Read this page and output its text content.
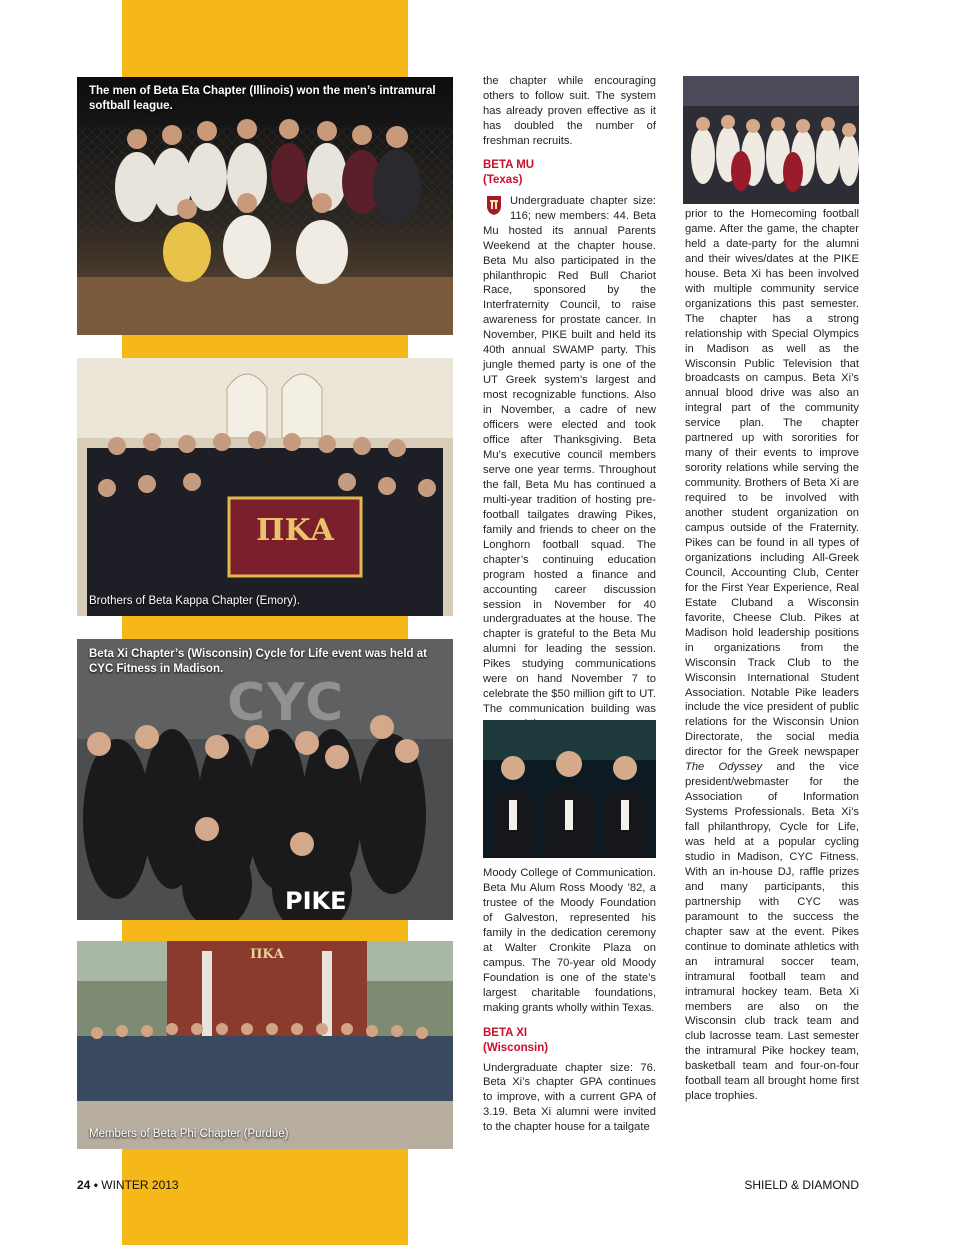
The men of Beta Eta Chapter (Illinois) won the men’s intramural softball league.
ΠΚΑ
Brothers of Beta Kappa Chapter (Emory).
CYC
PIKE
Beta Xi Chapter’s (Wisconsin) Cycle for Life event was held at CYC Fitness in Madison.
ΠΚΑ
Members of Beta Phi Chapter (Purdue)

the chapter while encouraging others to follow suit. The system has already proven effective as it has doubled the number of freshman recruits.

BETA MU

(Texas)

Undergraduate chapter size: 116; new members: 44. Beta Mu hosted its annual Parents Weekend at the chapter house. Beta Mu also participated in the philanthropic Red Bull Chariot Race, sponsored by the Interfraternity Council, to raise awareness for prostate cancer. In November, PIKE built and held its 40th annual SWAMP party. This jungle themed party is one of the UT Greek system’s largest and most recognizable functions. Also in November, a cadre of new officers were elected and took office after Thanksgiving. Beta Mu’s executive council members serve one year terms. Throughout the fall, Beta Mu has continued a multi-year tradition of hosting pre-football tailgates drawing Pikes, family and friends to cheer on the Longhorn football squad. The chapter’s continuing education program hosted a finance and accounting career discussion session in November for 40 undergraduates at the house. The chapter is grateful to the Beta Mu alumni for leading the session. Pikes studying communications were on hand November 7 to celebrate the $50 million gift to UT. The communication building was

Moody College of Communication. Beta Mu Alum Ross Moody ’82, a trustee of the Moody Foundation of Galveston, represented his family in the dedication ceremony at Walter Cronkite Plaza on campus. The 70-year old Moody Foundation is one of the state’s largest charitable foundations, making grants wholly within Texas.

BETA XI

(Wisconsin)

Undergraduate chapter size: 76. Beta Xi’s chapter GPA continues to improve, with a current GPA of 3.19. Beta Xi alumni were invited to the chapter house for a tailgate

prior to the Homecoming football game. After the game, the chapter held a date-party for the alumni and their wives/dates at the PIKE house. Beta Xi has been involved with multiple community service organizations this past semester. The chapter has a strong relationship with Special Olympics in Madison as well as the Wisconsin Public Television that broadcasts on campus. Beta Xi’s annual blood drive was also an integral part of the community service plan. The chapter partnered up with sororities for many of their events to improve sorority relations while serving the community. Brothers of Beta Xi are required to be involved with another student organization on campus outside of the Fraternity. Pikes can be found in all types of organizations including All-Greek Council, Accounting Club, Center for the First Year Experience, Real Estate Cluband a Wisconsin favorite, Cheese Club. Pikes at Madison hold leadership positions in organizations from the Wisconsin Track Club to the Wisconsin International Student Association. Notable Pike leaders include the vice president of public relations for the Wisconsin Union Directorate, the social media director for the Greek newspaper The Odyssey and the vice president/webmaster for the Association of Information Systems Professionals. Beta Xi’s fall philanthropy, Cycle for Life, was held at a popular cycling studio in Madison, CYC Fitness. With an in-house DJ, raffle prizes and many participants, this partnership with CYC was paramount to the success the chapter saw at the event. Pikes continue to dominate athletics with an intramural soccer team, intramural football team and intramural hockey team. Beta Xi members are also on the Wisconsin club track team and club lacrosse team. Last semester the intramural Pike hockey team, basketball team and four-on-four football team all brought home first place trophies.

24 • WINTER 2013	SHIELD & DIAMOND
